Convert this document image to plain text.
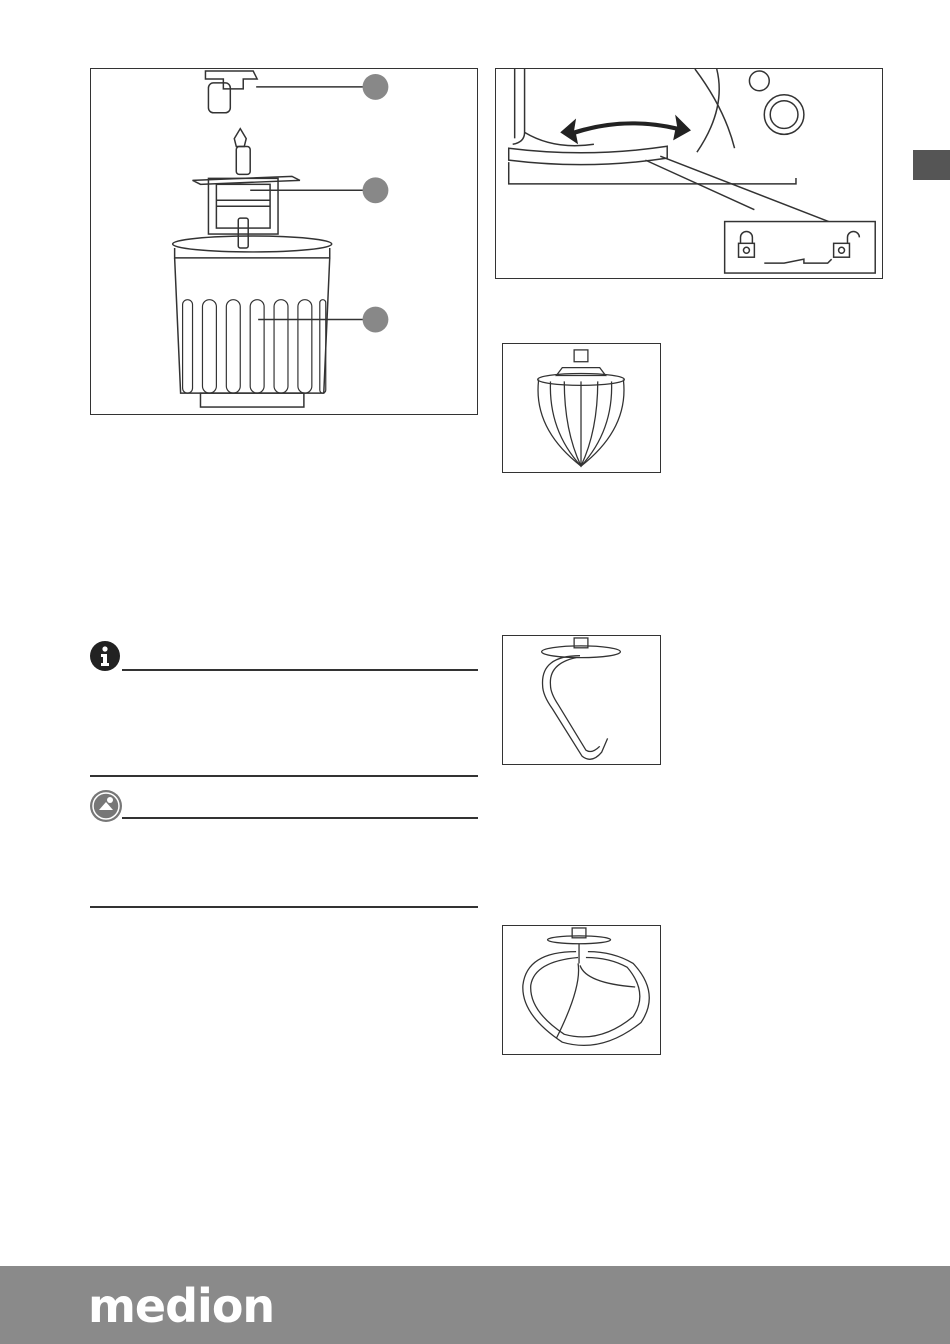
medion
